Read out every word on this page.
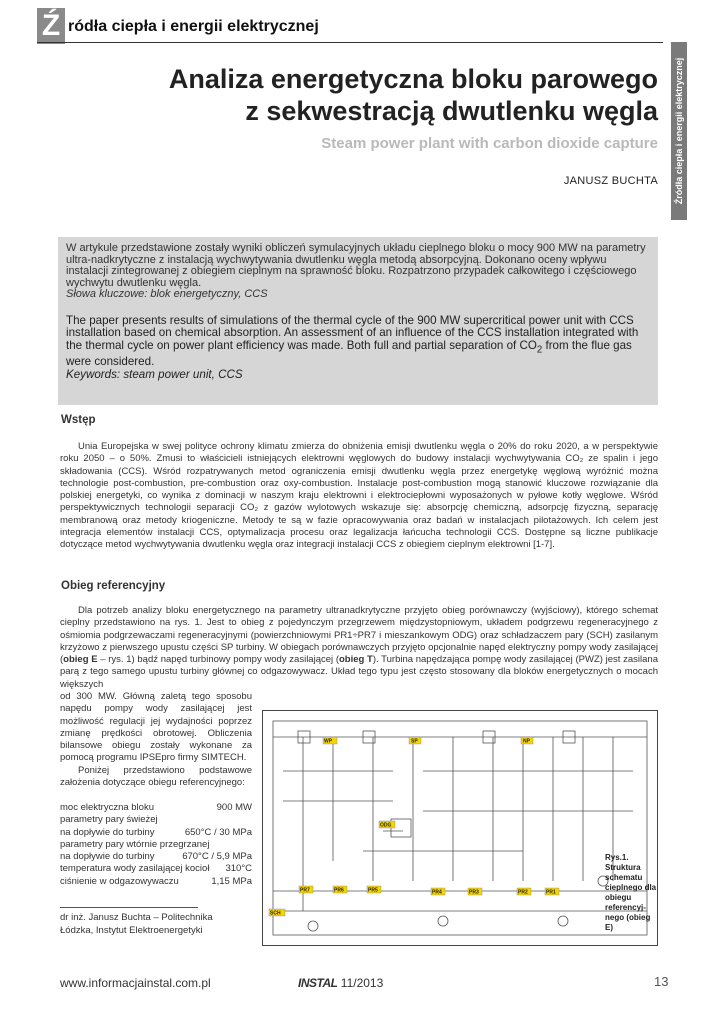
Ź ródła ciepła i energii elektrycznej
Źródła ciepła i energii elektrycznej
Analiza energetyczna bloku parowego
z sekwestracją dwutlenku węgla
Steam power plant with carbon dioxide capture
JANUSZ BUCHTA

W artykule przedstawione zostały wyniki obliczeń symulacyjnych układu cieplnego bloku o mocy 900 MW na parametry ultra-nadkrytyczne z instalacją wychwytywania dwutlenku węgla metodą absorpcyjną. Dokonano oceny wpływu instalacji zintegrowanej z obiegiem cieplnym na sprawność bloku. Rozpatrzono przypadek całkowitego i częściowego wychwytu dwutlenku węgla.

Słowa kluczowe: blok energetyczny, CCS

The paper presents results of simulations of the thermal cycle of the 900 MW supercritical power unit with CCS installation based on chemical absorption. An assessment of an influence of the CCS installation integrated with the thermal cycle on power plant efficiency was made. Both full and partial separation of $CO_2$ from the flue gas were considered.

Keywords: steam power unit, CCS

Wstęp

Unia Europejska w swej polityce ochrony klimatu zmierza do obniżenia emisji dwutlenku węgla o 20% do roku 2020, a w perspektywie roku 2050 – o 50%. Zmusi to właścicieli istniejących elektrowni węglowych do budowy instalacji wychwytywania CO₂ ze spalin i jego składowania (CCS). Wśród rozpatrywanych metod ograniczenia emisji dwutlenku węgla przez energetykę węglową wyróżnić można technologie post-combustion, pre-combustion oraz oxy-combustion. Instalacje post-combustion mogą stanowić kluczowe rozwiązanie dla polskiej energetyki, co wynika z dominacji w naszym kraju elektrowni i elektrociepłowni wyposażonych w pyłowe kotły węglowe. Wśród perspektywicznych technologii separacji CO₂ z gazów wylotowych wskazuje się: absorpcję chemiczną, adsorpcję fizyczną, separację membranową oraz metody kriogeniczne. Metody te są w fazie opracowywania oraz badań w instalacjach pilotażowych. Ich celem jest integracja elementów instalacji CCS, optymalizacja procesu oraz legalizacja łańcucha technologii CCS. Dostępne są liczne publikacje dotyczące metod wychwytywania dwutlenku węgla oraz integracji instalacji CCS z obiegiem cieplnym elektrowni [1-7].

Obieg referencyjny

Dla potrzeb analizy bloku energetycznego na parametry ultranadkrytyczne przyjęto obieg porównawczy (wyjściowy), którego schemat cieplny przedstawiono na rys. 1. Jest to obieg z pojedynczym przegrzewem międzystopniowym, układem podgrzewu regeneracyjnego z ośmiomia podgrzewaczami regeneracyjnymi (powierzchniowymi PR1÷PR7 i mieszankowym ODG) oraz schładzaczem pary (SCH) zasilanym krzyżowo z pierwszego upustu części SP turbiny. W obiegach porównawczych przyjęto opcjonalnie napęd elektryczny pompy wody zasilającej (obieg E – rys. 1) bądź napęd turbinowy pompy wody zasilającej (obieg T). Turbina napędzająca pompę wody zasilającej (PWZ) jest zasilana parą z tego samego upustu turbiny głównej co odgazowywacz. Układ tego typu jest często stosowany dla bloków energetycznych o mocach większych

od 300 MW. Główną zaletą tego sposobu napędu pompy wody zasilającej jest możliwość regulacji jej wydajności poprzez zmianę prędkości obrotowej. Obliczenia bilansowe obiegu zostały wykonane za pomocą programu IPSEpro firmy SIMTECH.

Poniżej przedstawiono podstawowe założenia dotyczące obiegu referencyjnego:

moc elektryczna bloku	900 MW
parametry pary świeżej
na dopływie do turbiny	650°C / 30 MPa
parametry pary wtórnie przegrzanej
na dopływie do turbiny	670°C / 5,9 MPa
temperatura wody zasilającej kocioł 310°C
ciśnienie w odgazowywaczu	1,15 MPa
dr inż. Janusz Buchta – Politechnika
Łódzka, Instytut Elektroenergetyki
WP	SP	NP
ODG
SCH
PR7	PR6	PR5	PR4	PR3	PR2	PR1
Rys.1. Struktura schematu cieplnego dla obiegu referencyj-nego (obieg E)
www.informacjainstal.com.pl	INSTAL 11/2013	13
